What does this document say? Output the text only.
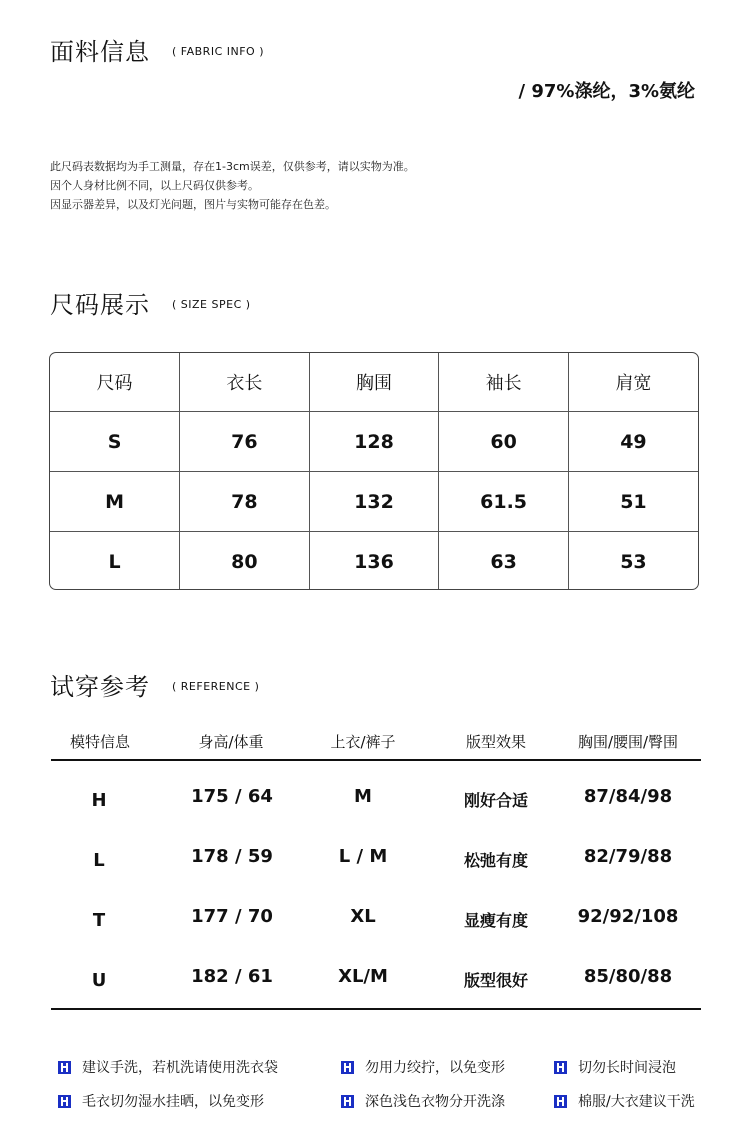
面料信息 ( FABRIC INFO )
/ 97%涤纶，3%氨纶
此尺码表数据均为手工测量，存在1-3cm误差，仅供参考，请以实物为准。
因个人身材比例不同，以上尺码仅供参考。
因显示器差异，以及灯光问题，图片与实物可能存在色差。
尺码展示 ( SIZE SPEC )
尺码	衣长	胸围	袖长	肩宽
S	76	128	60	49
M	78	132	61.5	51
L	80	136	63	53
试穿参考 ( REFERENCE )
模特信息	身高/体重	上衣/裤子	版型效果	胸围/腰围/臀围
H	175 / 64	M	刚好合适	87/84/98
L	178 / 59	L / M	松弛有度	82/79/88
T	177 / 70	XL	显瘦有度	92/92/108
U	182 / 61	XL/M	版型很好	85/80/88
建议手洗，若机洗请使用洗衣袋	勿用力绞拧，以免变形	切勿长时间浸泡
毛衣切勿湿水挂晒，以免变形	深色浅色衣物分开洗涤	棉服/大衣建议干洗
